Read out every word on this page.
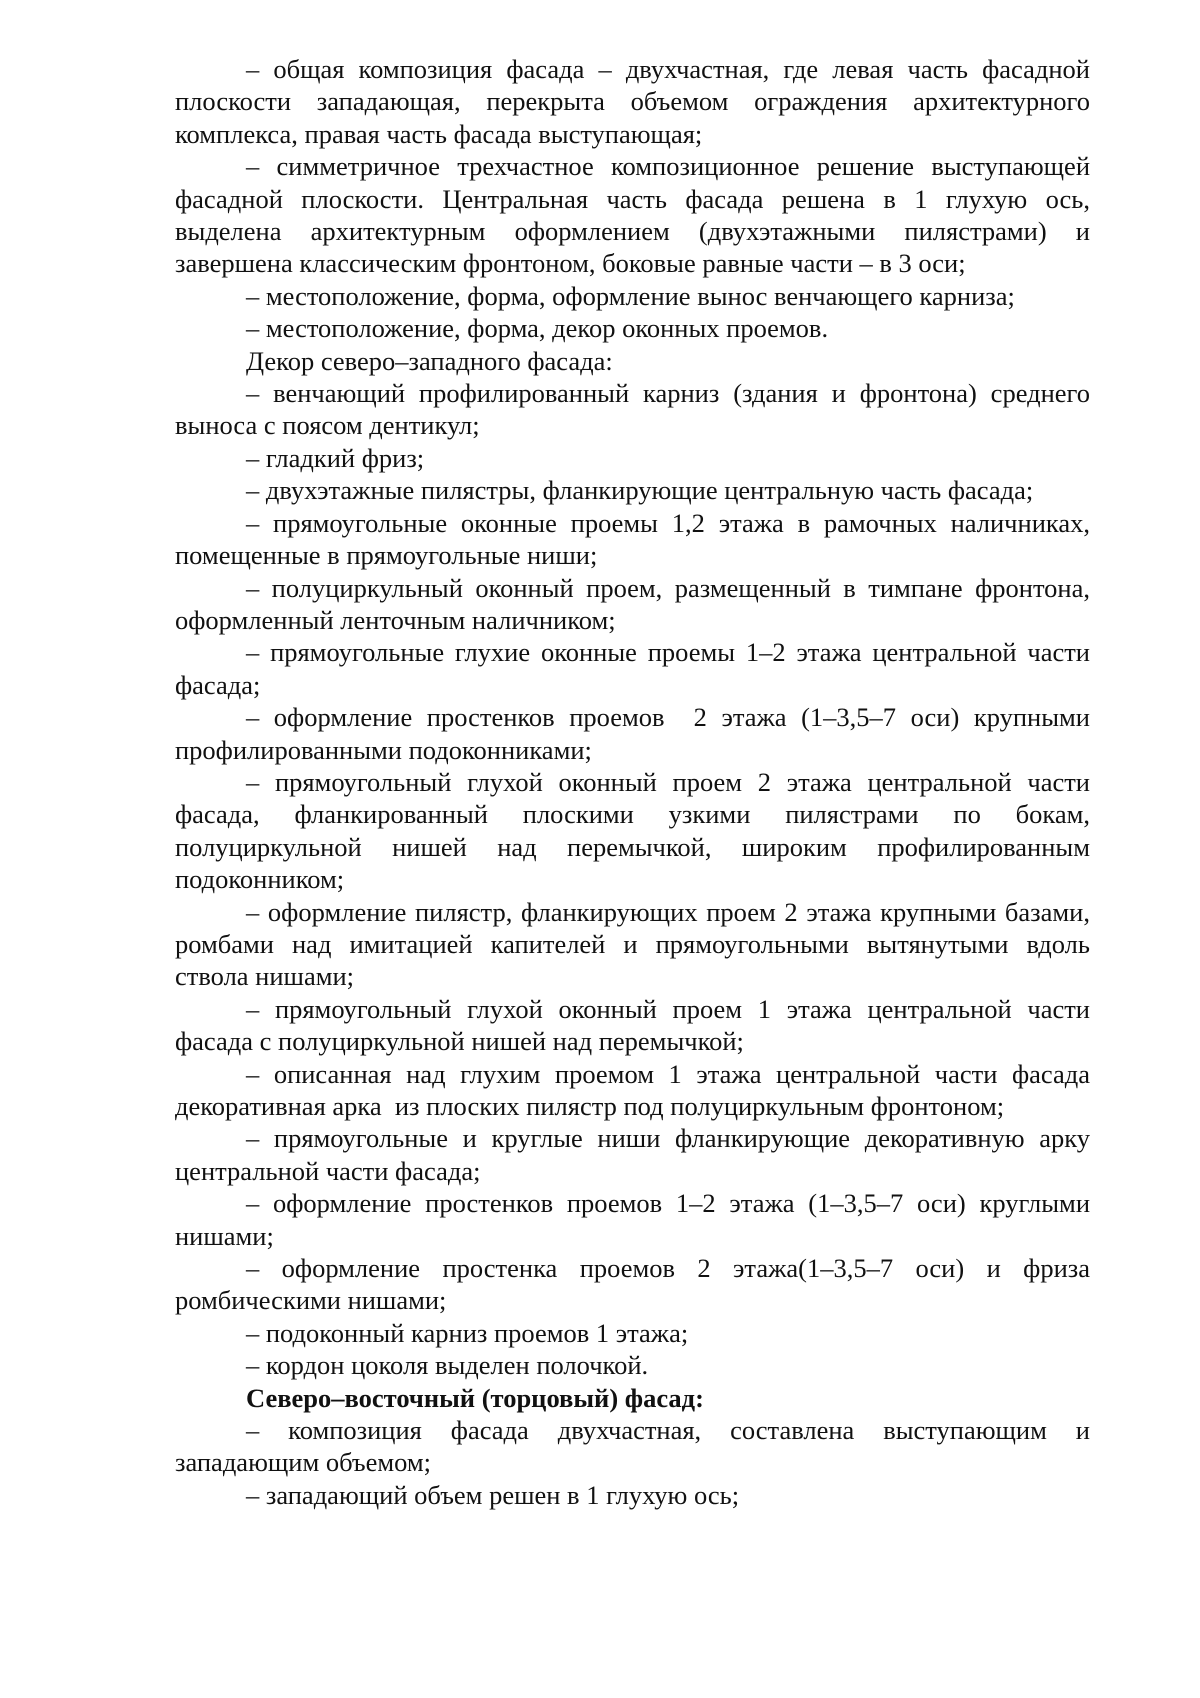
– общая композиция фасада – двухчастная, где левая часть фасадной плоскости западающая, перекрыта объемом ограждения архитектурного комплекса, правая часть фасада выступающая;

– симметричное трехчастное композиционное решение выступающей фасадной плоскости. Центральная часть фасада решена в 1 глухую ось, выделена архитектурным оформлением (двухэтажными пилястрами) и завершена классическим фронтоном, боковые равные части – в 3 оси;

– местоположение, форма, оформление вынос венчающего карниза;

– местоположение, форма, декор оконных проемов.

Декор северо–западного фасада:

– венчающий профилированный карниз (здания и фронтона) среднего выноса с поясом дентикул;

– гладкий фриз;

– двухэтажные пилястры, фланкирующие центральную часть фасада;

– прямоугольные оконные проемы 1,2 этажа в рамочных наличниках, помещенные в прямоугольные ниши;

– полуциркульный оконный проем, размещенный в тимпане фронтона, оформленный ленточным наличником;

– прямоугольные глухие оконные проемы 1–2 этажа центральной части фасада;

– оформление простенков проемов  2 этажа (1–3,5–7 оси) крупными профилированными подоконниками;

– прямоугольный глухой оконный проем 2 этажа центральной части фасада, фланкированный плоскими узкими пилястрами по бокам, полуциркульной нишей над перемычкой, широким профилированным подоконником;

– оформление пилястр, фланкирующих проем 2 этажа крупными базами, ромбами над имитацией капителей и прямоугольными вытянутыми вдоль ствола нишами;

– прямоугольный глухой оконный проем 1 этажа центральной части фасада с полуциркульной нишей над перемычкой;

– описанная над глухим проемом 1 этажа центральной части фасада декоративная арка  из плоских пилястр под полуциркульным фронтоном;

– прямоугольные и круглые ниши фланкирующие декоративную арку центральной части фасада;

– оформление простенков проемов 1–2 этажа (1–3,5–7 оси) круглыми нишами;

– оформление простенка проемов 2 этажа(1–3,5–7 оси) и фриза ромбическими нишами;

– подоконный карниз проемов 1 этажа;

– кордон цоколя выделен полочкой.

Северо–восточный (торцовый) фасад:

– композиция фасада двухчастная, составлена выступающим и западающим объемом;

– западающий объем решен в 1 глухую ось;
